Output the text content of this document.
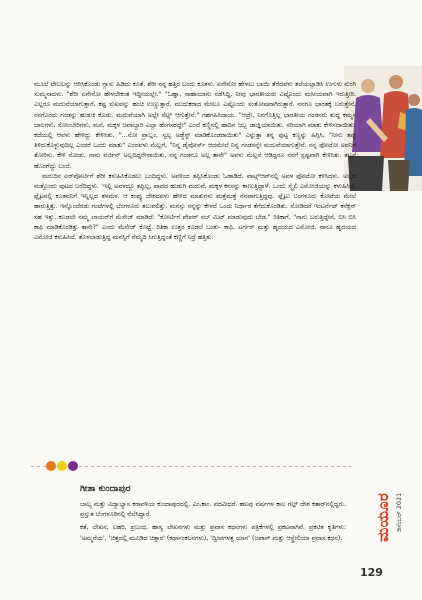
ಮೂಲೆ ಟೇಬಲನ್ನು ಆರಿಸಿಕೊಂಡು ಗ್ಲಾಸು ಹಿಡಿದು ಕೂತೆ. ಶೆರೀ ನನ್ನ ಹತ್ತಿರ ಬಂದು ಕೂತಳು. ಏನೇನೋ ಹೇಳಲು ಬಾಯಿ ತೆರೆದವಳು ತಲೆಯಲ್ಲಾಡಿಸಿ ಉಗುಳು ನುಂಗಿ ಸುಮ್ಮನಾದಳು. "ಶೆರೀ ಏನೇನೋ ಹೇಳಬೇಕಂತ ಇದ್ದೀಯಲ್ಲೇ." "ಓಹ್ಞಾ, ಸಾಹಾಯಾನು ನಡೆಸಿದ್ದಿ, ನೀವು ಭಾರತೀಯರು ಎಷ್ಟೊಂದು ಮಸೀಯವಾಗಿ ಇರುತ್ತೀರಿ. ಎಲ್ಲರೂ ಮದುವೆಯಾಗುತ್ತಾರೆ, ಕಷ್ಟ ಸುಖವನ್ನು ಹಂಚಿ ಉಣ್ಣುತ್ತಾರೆ, ಮುದುಕರಾದ ಮೇಲೂ ಎಷ್ಟೊಂದು ಸಂತೋಷವಾಗಿರುತ್ತಾರೆ. ನನಗೂ ಭಾರತಕ್ಕೆ ಬರುತ್ತೇನೆ, ನನಗೊಂದು ಗಂಡನ್ನು ಹುಡುಕಿ ಕೊಡು. ಮದುವೆಯಾಗಿ ಅಲ್ಲೇ ಸೆಟ್ಲ್ ಆಗುತ್ತೇನೆ." ಗಹಗಹಿಸಿದಾಯ. "ಆದ್ರೇ, ನಿನಗೊತ್ತಿಲ್ಲ ಭಾರತೀಯ ಗಂಡಸರು ಶುದ್ಧ ಕಮ್ಮನ ಬಾಲಗಳು, ಸೋಂಬೇರಿಗಳು, ಮನೆ, ಮಕ್ಕಳ ಜವಾಬ್ದಾರಿ ಎಲ್ಲಾ ಹೆಂಗಸರದ್ದೇ" ಎಂದೆ ಕಣ್ಣಿನಲ್ಲಿ ಹಾದಿನ ಜಬ್ಬ ಜಾಜ್ಞಿಯಾಯಿತು. ಸರಿಯಾಗಿ ಮಾತು ಕೇಳಿಸದಾಯಿತು. ಕದೆಯಲ್ಲಿ ಆವಳು ಹೇಳಿದ್ದು ಕೇಳಿಸಿತು, "...ನೋ ಪ್ರಾಬ್ಲಂ, ಸ್ವಲ್ಪ ಅಡ್ಜೆಸ್ಟ್ ಮಾಡಿಕೊಂಡರಾಯಿತು" ಎನ್ನುತ್ತಾ ತನ್ನ ಪುಟ್ಟ ಕಣ್ಣನ್ನು ಹಿಗ್ಗಿಸಿ, "ನೀನು ತಪ್ಪು ತಿಳಿದುಕೊಳ್ಳುವುದಿಲ್ಲ ಎಂದರೆ ಒಂದು ಮಾತು" ಎಂದವಳು ಮೆಲ್ಲಗೆ, "ನಿನ್ನ ಡೈವೋರ್ಸ್ ಆದಮೇಲೆ ನಿನ್ನ ಗಂಡನನ್ನೇ ಮದುವೆಯಾಗುತ್ತೇನೆ. ನನ್ನ ಫೋಟೋ ಅವನಿಗೆ ತೋರಿಸು. ಕೇಳಿ ನೋಡು, ನಾನು ವರ್ಜಿನ್ ಅಲ್ಲದಿದ್ದರೇನಾಯಿತು, ನನ್ನ ಗಂಡನೂ ಅಲ್ಲ ತಾನೇ" ಅವಳು ಮೆಲ್ಲನೆ ಆಡಿದ್ದರೂ ನನಗೆ ಸ್ಪಷ್ಟವಾಗಿ ಕೇಳಿಸಿತು. ತಟ್ಟನೆ ಹೊರಗೆದ್ದು ಬಂದೆ.

ಮರುದಿನ ಏರ್‌ಪೋರ್ಟಿಗೆ ಶೆರೀ ಕಳುಹಿಸಿಕೊಡಲು ಬಂದಿದ್ದಳು. ಅವಳಿಂದ ತಪ್ಪಿಸಿಕೊಂಡು ಓಡಾಡಿದೆ. ವಾಟ್ಸ್‌ಆಪ್‌ನಲ್ಲಿ ಅವಳ ಫೋಟೋ ಕಳಿಸಿದಳು. ಅಲ್ಲದೆ ಮತ್ತೊಂದು ಪುಟದ ಬರೆದಿದ್ದಳು. 'ಇಲ್ಲಿ ಅವಳದ್ದೂ ತಪ್ಪಿಲ್ಲ, ಪಾಪದ ಹುಡುಗಿ ಮದುವೆ, ಮಕ್ಕಳ ಕನಸನ್ನು ಕಾಣುತ್ತಿದ್ದಾಳೆ. ಒಂದು ಸ್ಮೈಲಿ ಎಮೋಜಿಯನ್ನು ಕಳುಹಿಸಿದೆ. ಫ್ಲೈಟನಲ್ಲಿ ಕೂತವನಿಗೆ ಇನ್ನಿಲ್ಲದ ತಳಮಳ. ಆ ಕಂಪ್ಯು ದೇಶದವಳು ಹೇಳಿದ ಮಾತುಗಳು ಮತ್ತೆಮತ್ತೆ ನೆನಪಾಗುತ್ತಿದ್ದವು. ಫ್ಲೈಟು ಬಂಗಳೂರು ಕೋಟೆಯ ಮೇಲೆ ಹಾರುತ್ತಿತ್ತು. ಇನ್ನೊಂದೆರಡು ಗಂಟೆಗಳಲ್ಲಿ ಬೆಂಗಳೂರು ತಲುಪಲಿತ್ತು. ಮನಸ್ಸು ನನ್ನನ್ನು ಕೇಳದೆ ಒಂದು ನಿರ್ಧಾರ ತೆಗೆದುಕೊಂಡಿತು. ನೋಡಿದರೆ ಇಂಟರ್ನೆಟ್ ಕನೆಕ್ಷನ್ ಸಹ ಇತ್ತು. ಕೂಡಲೇ ನಮ್ಮ ಲಾಯರ್‌ಗೆ ಮೆಸೇಜ್ ಮಾಡಿದೆ: "ಕೋರ್ಟಿಗೆ ಪೇಪರ್ ಸಬ್ ಮಿಟ್ ಮಾಡುವುದು ಬೇಡ." ರಿತಿಕಾಗೆ, "ನಾನು ಬರುತ್ತಿದ್ದೇನೆ, ಬಿಸಿ ಬಿಸಿ ಕಾಫಿ ಮಾಡಿಕೊಂಡಿತ್ತು ತಾನೇ?" ಎಂದು ಮೆಸೇಜ್ ಕೊಟ್ಟೆ. ರಿತಿಕಾ ಉತ್ತರ ಕೂಡಲೆ ಬಂತು- ಕಾಫಿ, ಟರ್ಗರ್ ಮತ್ತು ಹೃದಯದ ಎಮೋಜಿ. ನಾನೂ ಹೃದಯದ ಎಮೋಜಿ ಕಳುಹಿಸಿದೆ. ತೊಳಲಾಡುತ್ತಿದ್ದ ಮನಸ್ಸಿಗೆ ನೆಮ್ಮದಿ ಸಿಗುತ್ತಿದ್ದಂತೆ ಕಣ್ಣಿಗೆ ನಿದ್ರೆ ಹತ್ತಿತು.

ಗೀತಾ ಕುಂದಾಪುರ

ಬಾಲ್ಯ ಮತ್ತು ವಿದ್ಯಾಭ್ಯಾಸ ಕರಾವಳಿಯ ಕುಂದಾಪುರದಲ್ಲಿ. ಎಂ.ಕಾಂ. ಪದವೀಧರೆ. ಹಲವು ವರ್ಷಗಳ ಕಾಲ ಗಲ್ಫ್ ದೇಶ ಕತಾರ್‌ನಲ್ಲಿದ್ದರು. ಪ್ರಸ್ತುತ ಬೆಂಗಳೂರಿನಲ್ಲಿ ನೆಲೆಸಿದ್ದಾರೆ.

ಕತೆ, ಲೇಖನ, ಲಹರಿ, ಪ್ರಬಂಧ, ಹಾಸ್ಯ ಲೇಖನಗಳು ಮತ್ತು ಪ್ರವಾಸ ಕಥನಗಳು ಪತ್ರಿಕೆಗಳಲ್ಲಿ ಪ್ರಕಟವಾಗಿವೆ. ಪ್ರಕಟಿತ ಕೃತಿಗಳು: 'ಅಮ್ಮನೆಯ', 'ಚಿತ್ತದಲ್ಲಿ ಮೂಡಿದ ಚಿತ್ತಾರ' (ಕಥಾಸಂಕಲನಗಳು), 'ದ್ವೀಪಗಳತ್ತ ಯಾನ' (ಜಪಾನ್ ಮತ್ತು ಆಸ್ಟ್ರೇಲಿಯಾ ಪ್ರವಾಸ ಕಥನ). ಮಯೂರ ಡಿಸೆಂಬರ್ 2021
129
